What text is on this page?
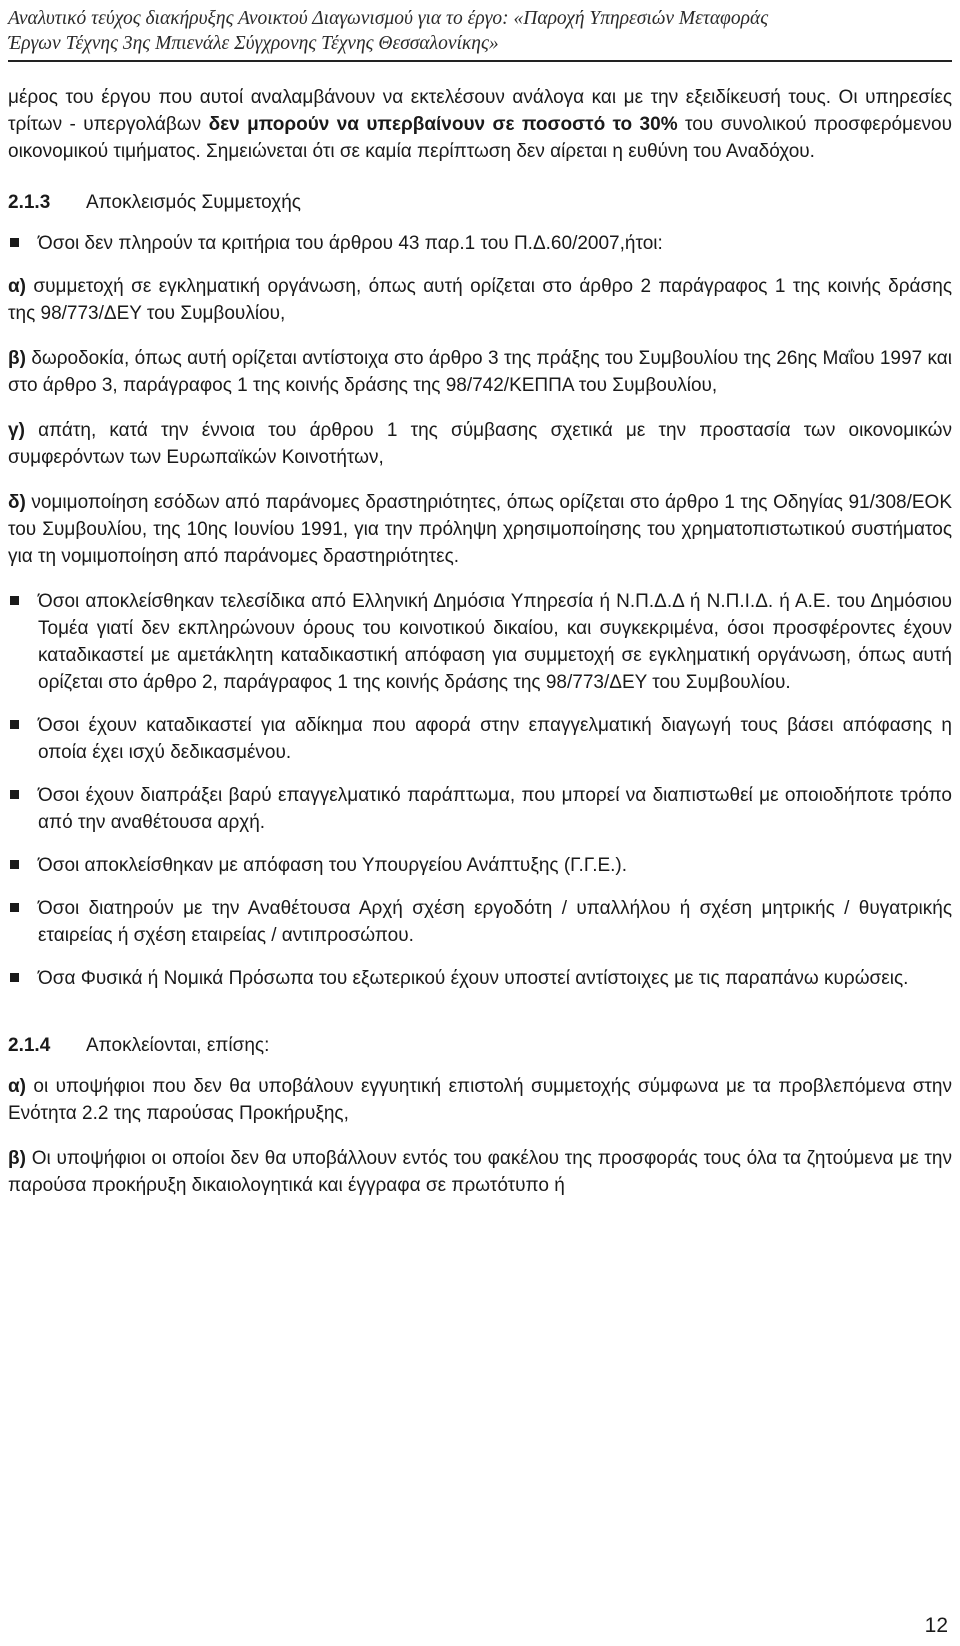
Αναλυτικό τεύχος διακήρυξης Ανοικτού Διαγωνισμού για το έργο: «Παροχή Υπηρεσιών Μεταφοράς
Έργων Τέχνης 3ης Μπιενάλε Σύγχρονης Τέχνης Θεσσαλονίκης»

μέρος του έργου που αυτοί αναλαμβάνουν να εκτελέσουν ανάλογα και με την εξειδίκευσή τους. Οι υπηρεσίες τρίτων - υπεργολάβων δεν μπορούν να υπερβαίνουν σε ποσοστό το 30% του συνολικού προσφερόμενου οικονομικού τιμήματος. Σημειώνεται ότι σε καμία περίπτωση δεν αίρεται η ευθύνη του Αναδόχου.

2.1.3 Αποκλεισμός Συμμετοχής
Όσοι δεν πληρούν τα κριτήρια του άρθρου 43 παρ.1 του Π.Δ.60/2007,ήτοι:

α) συμμετοχή σε εγκληματική οργάνωση, όπως αυτή ορίζεται στο άρθρο 2 παράγραφος 1 της κοινής δράσης της 98/773/ΔΕΥ του Συμβουλίου,

β) δωροδοκία, όπως αυτή ορίζεται αντίστοιχα στο άρθρο 3 της πράξης του Συμβουλίου της 26ης Μαΐου 1997 και στο άρθρο 3, παράγραφος 1 της κοινής δράσης της 98/742/ΚΕΠΠΑ του Συμβουλίου,

γ) απάτη, κατά την έννοια του άρθρου 1 της σύμβασης σχετικά με την προστασία των οικονομικών συμφερόντων των Ευρωπαϊκών Κοινοτήτων,

δ) νομιμοποίηση εσόδων από παράνομες δραστηριότητες, όπως ορίζεται στο άρθρο 1 της Οδηγίας 91/308/ΕΟΚ του Συμβουλίου, της 10ης Ιουνίου 1991, για την πρόληψη χρησιμοποίησης του χρηματοπιστωτικού συστήματος για τη νομιμοποίηση από παράνομες δραστηριότητες.

Όσοι αποκλείσθηκαν τελεσίδικα από Ελληνική Δημόσια Υπηρεσία ή Ν.Π.Δ.Δ ή Ν.Π.Ι.Δ. ή Α.Ε. του Δημόσιου Τομέα γιατί δεν εκπληρώνουν όρους του κοινοτικού δικαίου, και συγκεκριμένα, όσοι προσφέροντες έχουν καταδικαστεί με αμετάκλητη καταδικαστική απόφαση για συμμετοχή σε εγκληματική οργάνωση, όπως αυτή ορίζεται στο άρθρο 2, παράγραφος 1 της κοινής δράσης της 98/773/ΔΕΥ του Συμβουλίου.
Όσοι έχουν καταδικαστεί για αδίκημα που αφορά στην επαγγελματική διαγωγή τους βάσει απόφασης η οποία έχει ισχύ δεδικασμένου.
Όσοι έχουν διαπράξει βαρύ επαγγελματικό παράπτωμα, που μπορεί να διαπιστωθεί με οποιοδήποτε τρόπο από την αναθέτουσα αρχή.
Όσοι αποκλείσθηκαν με απόφαση του Υπουργείου Ανάπτυξης (Γ.Γ.Ε.).
Όσοι διατηρούν με την Αναθέτουσα Αρχή σχέση εργοδότη / υπαλλήλου ή σχέση μητρικής / θυγατρικής εταιρείας ή σχέση εταιρείας / αντιπροσώπου.
Όσα Φυσικά ή Νομικά Πρόσωπα του εξωτερικού έχουν υποστεί αντίστοιχες με τις παραπάνω κυρώσεις.
2.1.4 Αποκλείονται, επίσης:

α) οι υποψήφιοι που δεν θα υποβάλουν εγγυητική επιστολή συμμετοχής σύμφωνα με τα προβλεπόμενα στην Ενότητα 2.2 της παρούσας Προκήρυξης,

β) Οι υποψήφιοι οι οποίοι δεν θα υποβάλλουν εντός του φακέλου της προσφοράς τους όλα τα ζητούμενα με την παρούσα προκήρυξη δικαιολογητικά και έγγραφα σε πρωτότυπο ή

12
